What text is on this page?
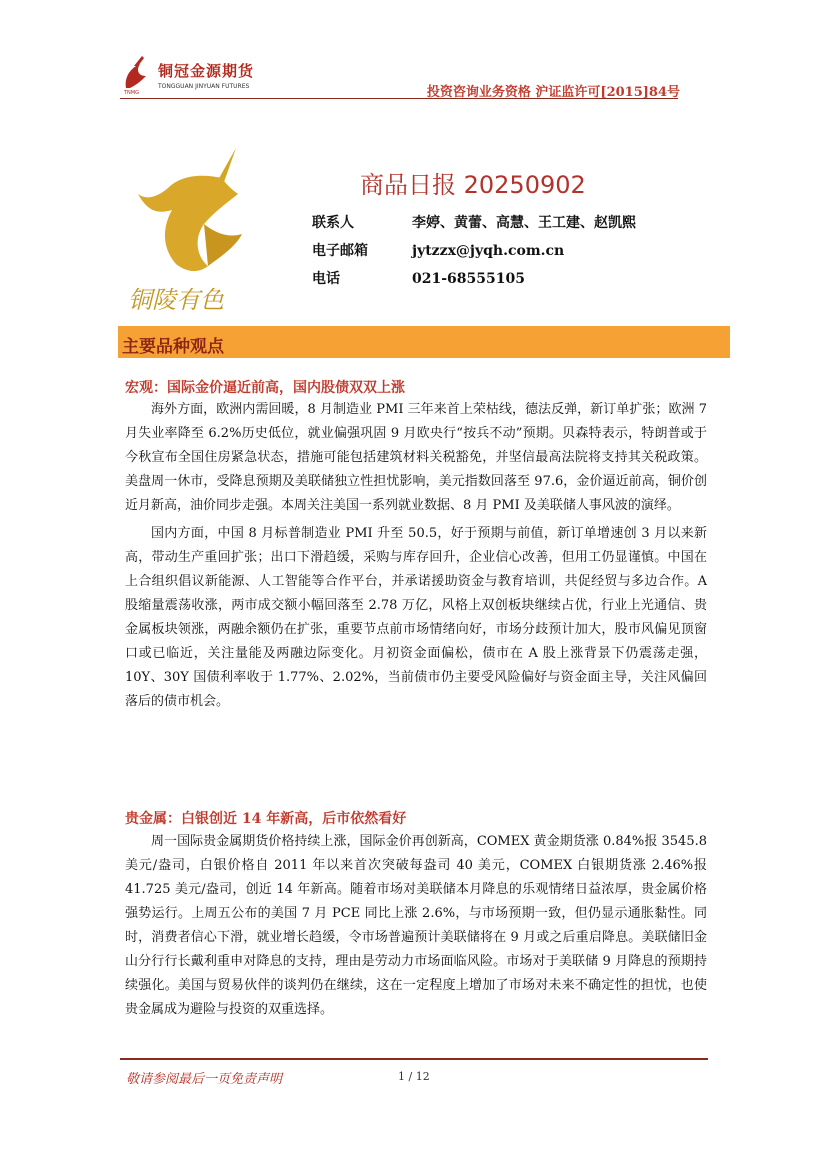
铜冠金源期货
TONGGUAN JINYUAN FUTURES
TNMG	投资咨询业务资格 沪证监许可[2015]84号
铜陵有色
商品日报 20250902
联系人	李婷、黄蕾、高慧、王工建、赵凯熙
电子邮箱	jytzzx@jyqh.com.cn
电话	021-68555105
主要品种观点
宏观：国际金价逼近前高，国内股债双双上涨

海外方面，欧洲内需回暖，8 月制造业 PMI 三年来首上荣枯线，德法反弹，新订单扩张；欧洲 7 月失业率降至 6.2%历史低位，就业偏强巩固 9 月欧央行“按兵不动”预期。贝森特表示，特朗普或于今秋宣布全国住房紧急状态，措施可能包括建筑材料关税豁免，并坚信最高法院将支持其关税政策。美盘周一休市，受降息预期及美联储独立性担忧影响，美元指数回落至 97.6，金价逼近前高，铜价创近月新高，油价同步走强。本周关注美国一系列就业数据、8 月 PMI 及美联储人事风波的演绎。

国内方面，中国 8 月标普制造业 PMI 升至 50.5，好于预期与前值，新订单增速创 3 月以来新高，带动生产重回扩张；出口下滑趋缓，采购与库存回升，企业信心改善，但用工仍显谨慎。中国在上合组织倡议新能源、人工智能等合作平台，并承诺援助资金与教育培训，共促经贸与多边合作。A 股缩量震荡收涨，两市成交额小幅回落至 2.78 万亿，风格上双创板块继续占优，行业上光通信、贵金属板块领涨，两融余额仍在扩张，重要节点前市场情绪向好，市场分歧预计加大，股市风偏见顶窗口或已临近，关注量能及两融边际变化。月初资金面偏松，债市在 A 股上涨背景下仍震荡走强，10Y、30Y 国债利率收于 1.77%、2.02%，当前债市仍主要受风险偏好与资金面主导，关注风偏回落后的债市机会。

贵金属：白银创近 14 年新高，后市依然看好

周一国际贵金属期货价格持续上涨，国际金价再创新高，COMEX 黄金期货涨 0.84%报 3545.8 美元/盎司，白银价格自 2011 年以来首次突破每盎司 40 美元，COMEX 白银期货涨 2.46%报 41.725 美元/盎司，创近 14 年新高。随着市场对美联储本月降息的乐观情绪日益浓厚，贵金属价格强势运行。上周五公布的美国 7 月 PCE 同比上涨 2.6%，与市场预期一致，但仍显示通胀黏性。同时，消费者信心下滑，就业增长趋缓，令市场普遍预计美联储将在 9 月或之后重启降息。美联储旧金山分行行长戴利重申对降息的支持，理由是劳动力市场面临风险。市场对于美联储 9 月降息的预期持续强化。美国与贸易伙伴的谈判仍在继续，这在一定程度上增加了市场对未来不确定性的担忧，也使贵金属成为避险与投资的双重选择。

敬请参阅最后一页免责声明	1 / 12
